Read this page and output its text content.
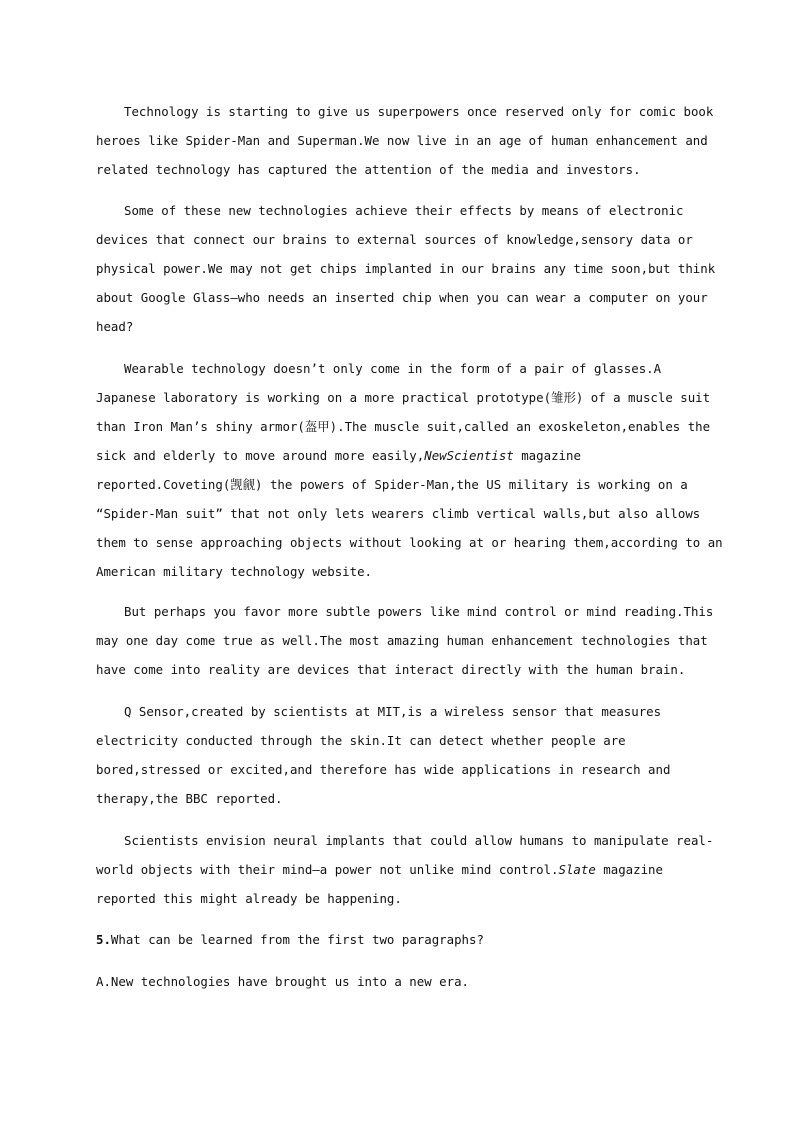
Technology is starting to give us superpowers once reserved only for comic book
heroes like Spider-Man and Superman.We now live in an age of human enhancement and
related technology has captured the attention of the media and investors.
Some of these new technologies achieve their effects by means of electronic
devices that connect our brains to external sources of knowledge,sensory data or
physical power.We may not get chips implanted in our brains any time soon,but think
about Google Glass—who needs an inserted chip when you can wear a computer on your
head?
Wearable technology doesn’t only come in the form of a pair of glasses.A
Japanese laboratory is working on a more practical prototype(雏形) of a muscle suit
than Iron Man’s shiny armor(盔甲).The muscle suit,called an exoskeleton,enables the
sick and elderly to move around more easily,NewScientist magazine
reported.Coveting(觊觎) the powers of Spider-Man,the US military is working on a
“Spider-Man suit” that not only lets wearers climb vertical walls,but also allows
them to sense approaching objects without looking at or hearing them,according to an
American military technology website.
But perhaps you favor more subtle powers like mind control or mind reading.This
may one day come true as well.The most amazing human enhancement technologies that
have come into reality are devices that interact directly with the human brain.
Q Sensor,created by scientists at MIT,is a wireless sensor that measures
electricity conducted through the skin.It can detect whether people are
bored,stressed or excited,and therefore has wide applications in research and
therapy,the BBC reported.
Scientists envision neural implants that could allow humans to manipulate real-
world objects with their mind—a power not unlike mind control.Slate magazine
reported this might already be happening.
5.What can be learned from the first two paragraphs?
A.New technologies have brought us into a new era.
